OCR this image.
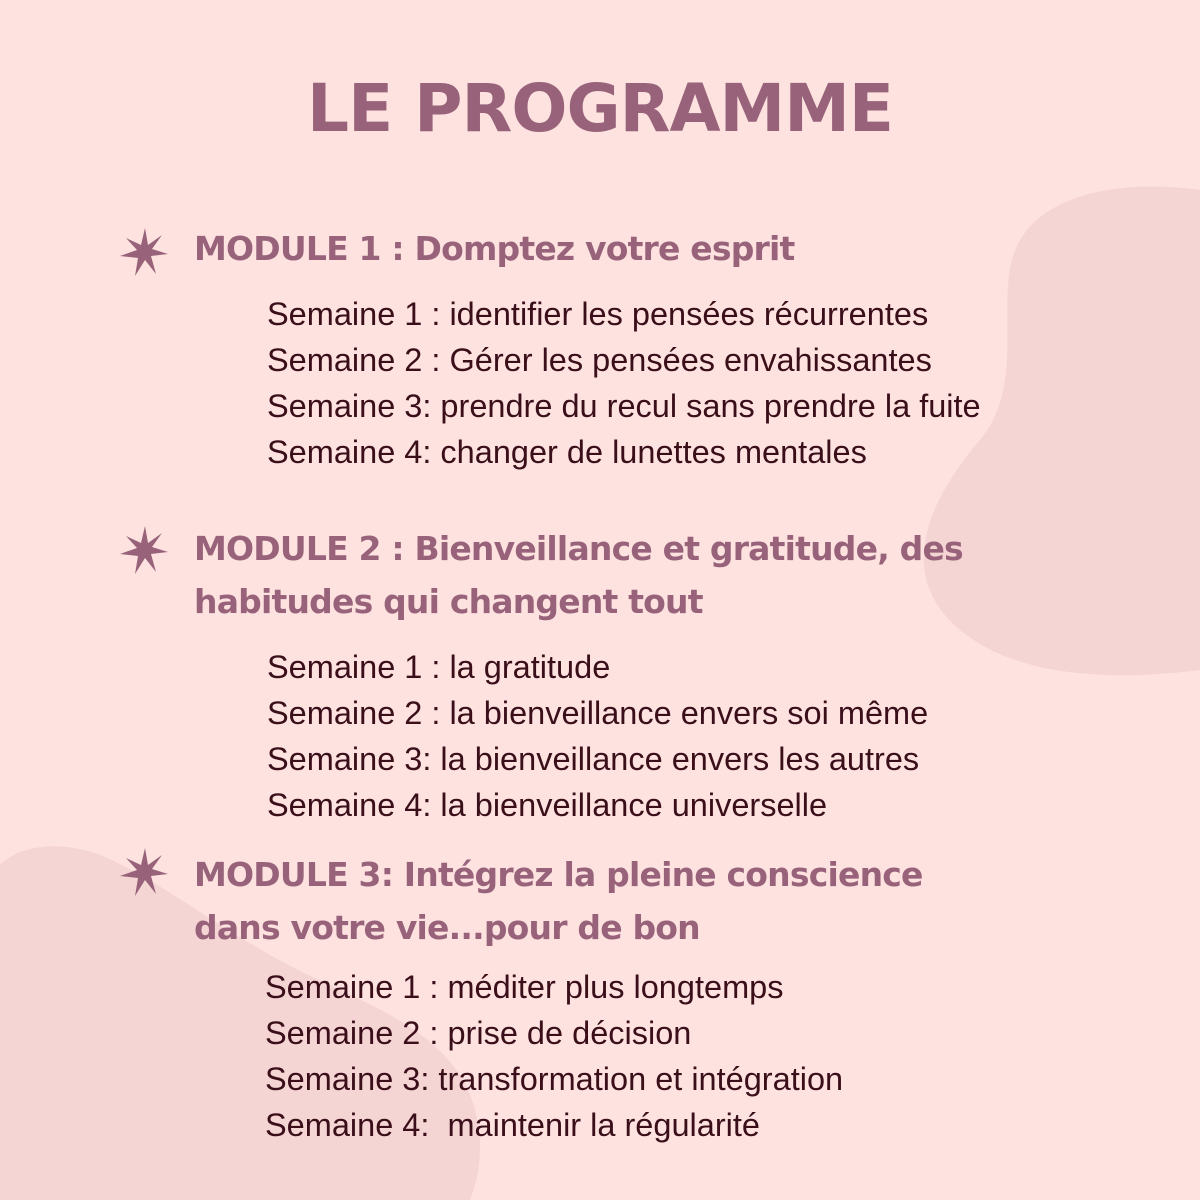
LE PROGRAMME
MODULE 1 : Domptez votre esprit
Semaine 1 : identifier les pensées récurrentes
Semaine 2 : Gérer les pensées envahissantes
Semaine 3: prendre du recul sans prendre la fuite
Semaine 4: changer de lunettes mentales
MODULE 2 : Bienveillance et gratitude, des habitudes qui changent tout
Semaine 1 : la gratitude
Semaine 2 : la bienveillance envers soi même
Semaine 3: la bienveillance envers les autres
Semaine 4: la bienveillance universelle
MODULE 3: Intégrez la pleine conscience dans votre vie...pour de bon
Semaine 1 : méditer plus longtemps
Semaine 2 : prise de décision
Semaine 3: transformation et intégration
Semaine 4:  maintenir la régularité
